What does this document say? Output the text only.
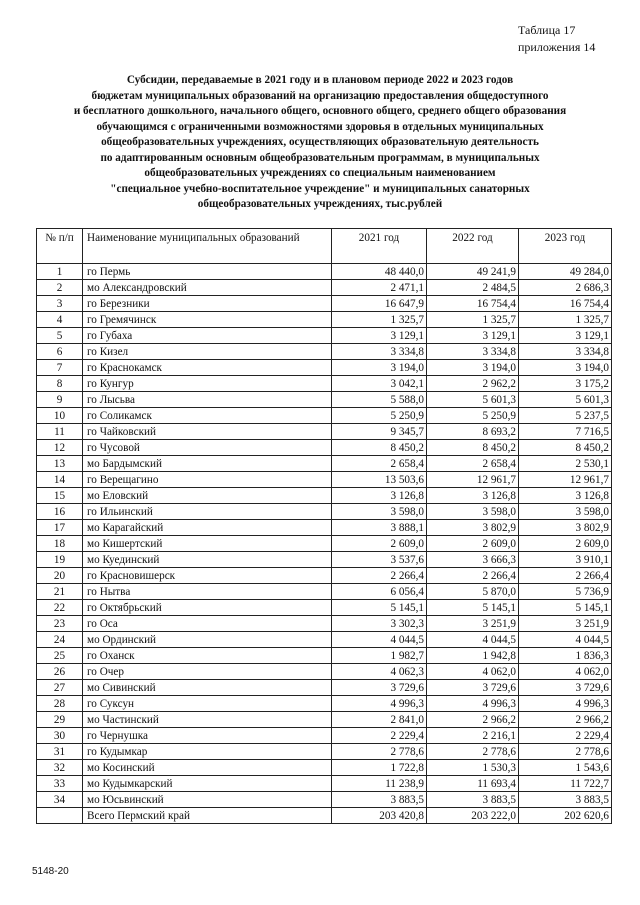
Таблица 17
приложения 14
Субсидии, передаваемые в 2021 году и в плановом периоде 2022 и 2023 годов
бюджетам муниципальных образований на организацию предоставления общедоступного
и бесплатного дошкольного, начального общего, основного общего, среднего общего образования
обучающимся с ограниченными возможностями здоровья в отдельных муниципальных
общеобразовательных учреждениях, осуществляющих образовательную деятельность
по адаптированным основным общеобразовательным программам, в муниципальных
общеобразовательных учреждениях со специальным наименованием
"специальное учебно-воспитательное учреждение" и муниципальных санаторных
общеобразовательных учреждениях, тыс.рублей
№ п/п	Наименование муниципальных образований	2021 год	2022 год	2023 год
1	го Пермь	48 440,0	49 241,9	49 284,0
2	мо Александровский	2 471,1	2 484,5	2 686,3
3	го Березники	16 647,9	16 754,4	16 754,4
4	го Гремячинск	1 325,7	1 325,7	1 325,7
5	го Губаха	3 129,1	3 129,1	3 129,1
6	го Кизел	3 334,8	3 334,8	3 334,8
7	го Краснокамск	3 194,0	3 194,0	3 194,0
8	го Кунгур	3 042,1	2 962,2	3 175,2
9	го Лысьва	5 588,0	5 601,3	5 601,3
10	го Соликамск	5 250,9	5 250,9	5 237,5
11	го Чайковский	9 345,7	8 693,2	7 716,5
12	го Чусовой	8 450,2	8 450,2	8 450,2
13	мо Бардымский	2 658,4	2 658,4	2 530,1
14	го Верещагино	13 503,6	12 961,7	12 961,7
15	мо Еловский	3 126,8	3 126,8	3 126,8
16	го Ильинский	3 598,0	3 598,0	3 598,0
17	мо Карагайский	3 888,1	3 802,9	3 802,9
18	мо Кишертский	2 609,0	2 609,0	2 609,0
19	мо Куединский	3 537,6	3 666,3	3 910,1
20	го Красновишерск	2 266,4	2 266,4	2 266,4
21	го Нытва	6 056,4	5 870,0	5 736,9
22	го Октябрьский	5 145,1	5 145,1	5 145,1
23	го Оса	3 302,3	3 251,9	3 251,9
24	мо Ординский	4 044,5	4 044,5	4 044,5
25	го Оханск	1 982,7	1 942,8	1 836,3
26	го Очер	4 062,3	4 062,0	4 062,0
27	мо Сивинский	3 729,6	3 729,6	3 729,6
28	го Суксун	4 996,3	4 996,3	4 996,3
29	мо Частинский	2 841,0	2 966,2	2 966,2
30	го Чернушка	2 229,4	2 216,1	2 229,4
31	го Кудымкар	2 778,6	2 778,6	2 778,6
32	мо Косинский	1 722,8	1 530,3	1 543,6
33	мо Кудымкарский	11 238,9	11 693,4	11 722,7
34	мо Юсьвинский	3 883,5	3 883,5	3 883,5
	Всего Пермский край	203 420,8	203 222,0	202 620,6
5148-20
